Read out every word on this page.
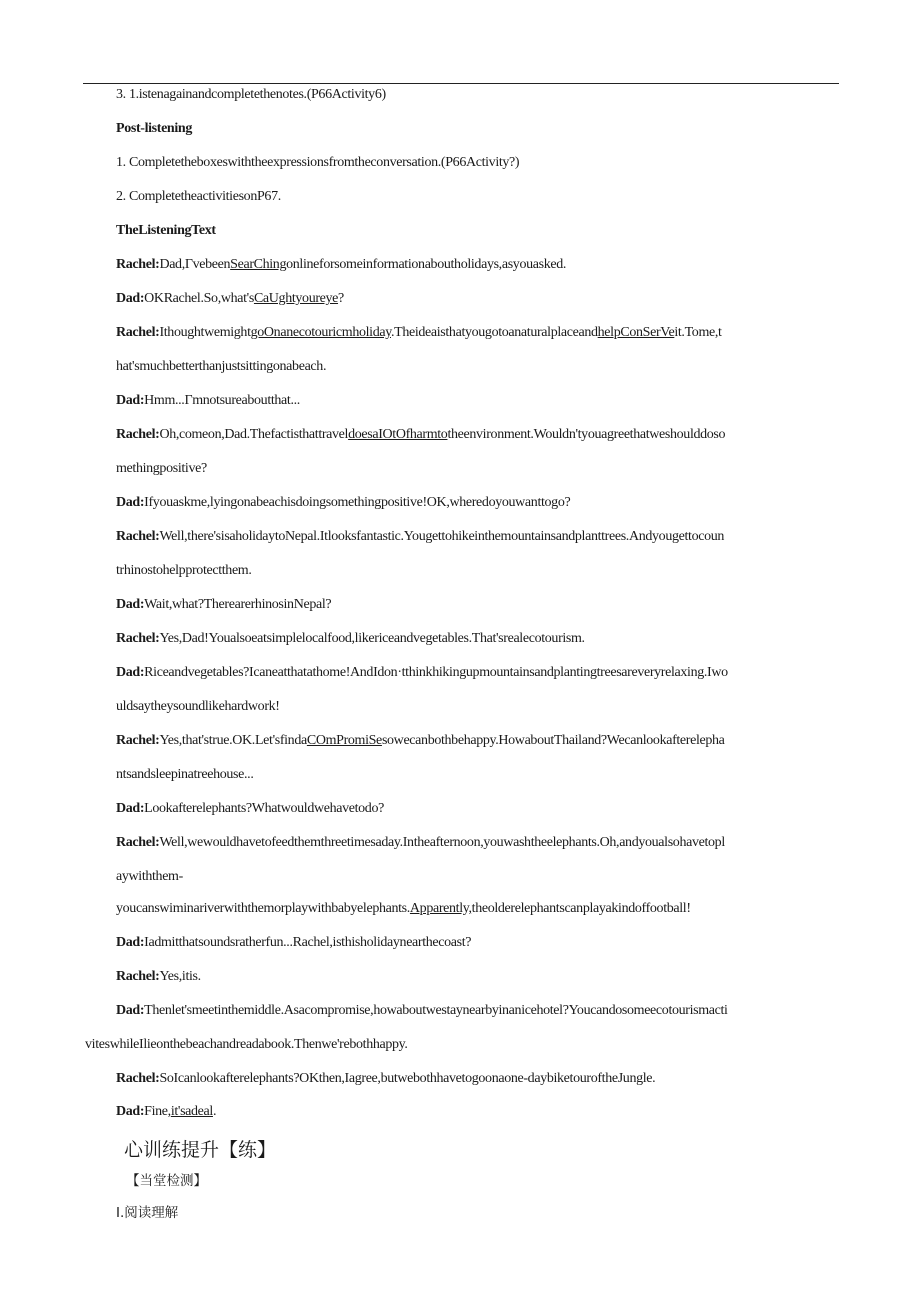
3. 1.istenagainandcompletethenotes.(P66Activity6)
Post-listening
1. Completetheboxeswiththeexpressionsfromtheconversation.(P66Activity?)
2. CompletetheactivitiesonP67.
TheListeningText
Rachel:Dad,ΓvebeenSearChingonlineforsomeinformationaboutholidays,asyouasked.
Dad:OKRachel.So,what'sCaUghtyoureye?
Rachel:IthoughtwemightgоOnanecotouricmholiday.TheideaisthatyougotoanaturalplaceandhelpConSerVeit.Tome,t
hat'smuchbetterthanjustsittingonabeach.
Dad:Hmm...Γmnotsureaboutthat...
Rachel:Oh,comeon,Dad.ThefactisthattraveldoesaIOtOfharmtotheenvironment.Wouldn'tyouagreethatweshoulddoso
methingpositive?
Dad:Ifyouaskme,lyingonabeachisdoingsomethingpositive!OK,wheredoyouwanttogo?
Rachel:Well,there'sisaholidaytoNepal.Itlooksfantastic.Yougettohikeinthemountainsandplanttrees.Andyougettocoun
trhinostohelpprotectthem.
Dad:Wait,what?TherearerhinosinNepal?
Rachel:Yes,Dad!Youalsoeatsimplelocalfood,likericeandvegetables.That'srealecotourism.
Dad:Riceandvegetables?Icaneatthatathome!AndIdon·tthinkhikingupmountainsandplantingtreesareveryrelaxing.Iwo
uldsaytheysoundlikehardwork!
Rachel:Yes,that'strue.OK.Let'sfindaCOmPromiSesowecanbothbehappy.HowaboutThailand?Wecanlookafterelepha
ntsandsleepinatreehouse...
Dad:Lookafterelephants?Whatwouldwehavetodo?
Rachel:Well,wewouldhavetofeedthemthreetimesaday.Intheafternoon,youwashtheelephants.Oh,andyoualsohavetopl
aywiththem-
youcanswiminariverwiththemorplaywithbabyelephants.Apparently,theolderelephantscanplayakindoffootball!
Dad:Iadmitthatsoundsratherfun...Rachel,isthisholidaynearthecoast?
Rachel:Yes,itis.
Dad:Thenlet'smeetinthemiddle.Asacompromise,howaboutwestaynearbyinanicehotel?Youcandosomeecotourismacti
viteswhileIlieonthebeachandreadabook.Thenwe'rebothhappy.
Rachel:SoIcanlookafterelephants?OKthen,Iagree,butwebothhavetogoonaone-daybiketouroftheJungle.
Dad:Fine,it'sadeal.
心训练提升【练】
【当堂检测】
I.阅读理解
